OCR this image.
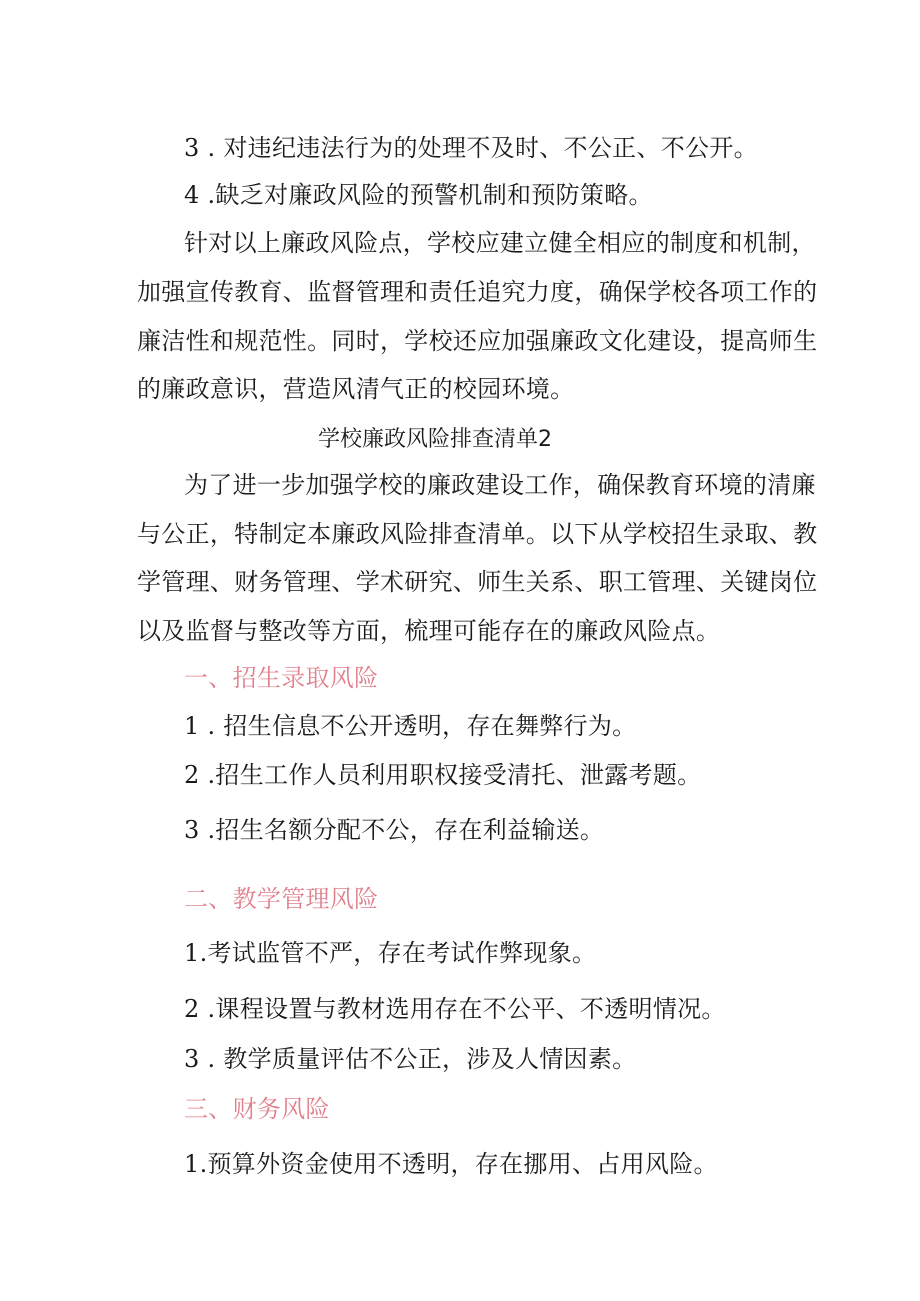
3 . 对违纪违法行为的处理不及时、不公正、不公开。
4 .缺乏对廉政风险的预警机制和预防策略。
针对以上廉政风险点，学校应建立健全相应的制度和机制，
加强宣传教育、监督管理和责任追究力度，确保学校各项工作的
廉洁性和规范性。同时，学校还应加强廉政文化建设，提高师生
的廉政意识，营造风清气正的校园环境。
学校廉政风险排查清单2
为了进一步加强学校的廉政建设工作，确保教育环境的清廉
与公正，特制定本廉政风险排查清单。以下从学校招生录取、教
学管理、财务管理、学术研究、师生关系、职工管理、关键岗位
以及监督与整改等方面，梳理可能存在的廉政风险点。
一、招生录取风险
1 . 招生信息不公开透明，存在舞弊行为。
2 .招生工作人员利用职权接受清托、泄露考题。
3 .招生名额分配不公，存在利益输送。
二、教学管理风险
1.考试监管不严，存在考试作弊现象。
2 .课程设置与教材选用存在不公平、不透明情况。
3 . 教学质量评估不公正，涉及人情因素。
三、财务风险
1.预算外资金使用不透明，存在挪用、占用风险。
